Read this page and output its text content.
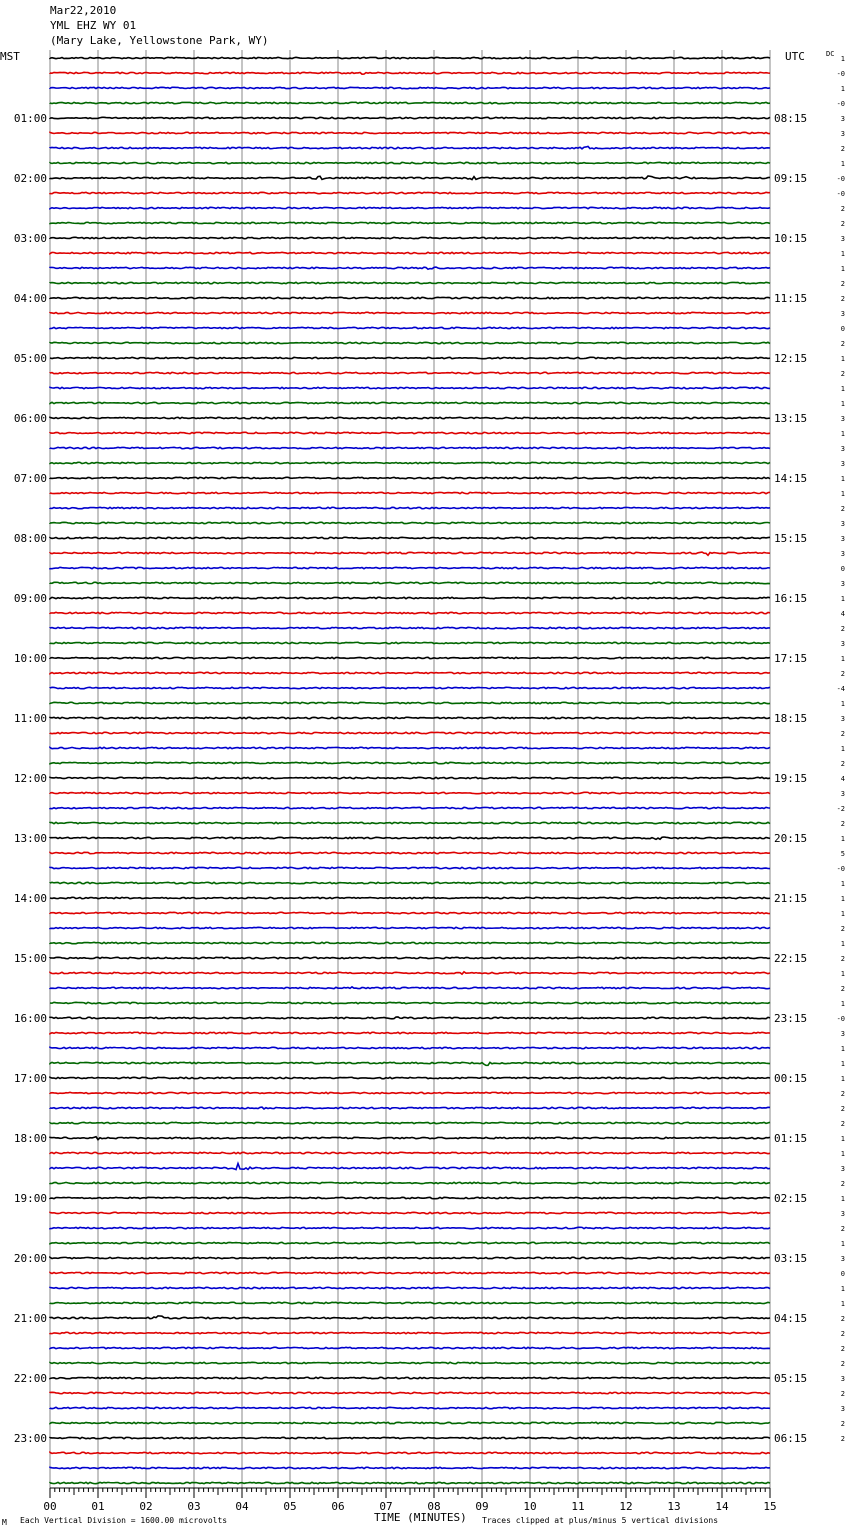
Mar22,2010
YML EHZ WY 01
(Mary Lake, Yellowstone Park, WY)
MST	UTC	DC
01:00	08:15
02:00	09:15
03:00	10:15
04:00	11:15
05:00	12:15
06:00	13:15
07:00	14:15
08:00	15:15
09:00	16:15
10:00	17:15
11:00	18:15
12:00	19:15
13:00	20:15
14:00	21:15
15:00	22:15
16:00	23:15
17:00	00:15
18:00	01:15
19:00	02:15
20:00	03:15
21:00	04:15
22:00	05:15
23:00	06:15
1
-0
1
-0
3
3
2
1
-0
-0
2
2
3
1
1
2
2
3
0
2
1
2
1
1
3
1
3
3
1
1
2
3
3
3
0
3
1
4
2
3
1
2
-4
1
3
2
1
2
4
3
-2
2
1
5
-0
1
1
1
2
1
2
1
2
1
-0
3
1
1
1
2
2
2
1
1
3
2
1
3
2
1
3
0
1
1
2
2
2
2
3
2
3
2
2
00	01	02	03	04	05	06	07	08	09	10	11	12	13	14	15
M Each Vertical Division = 1600.00 microvolts	TIME (MINUTES) Traces clipped at plus/minus 5 vertical divisions
